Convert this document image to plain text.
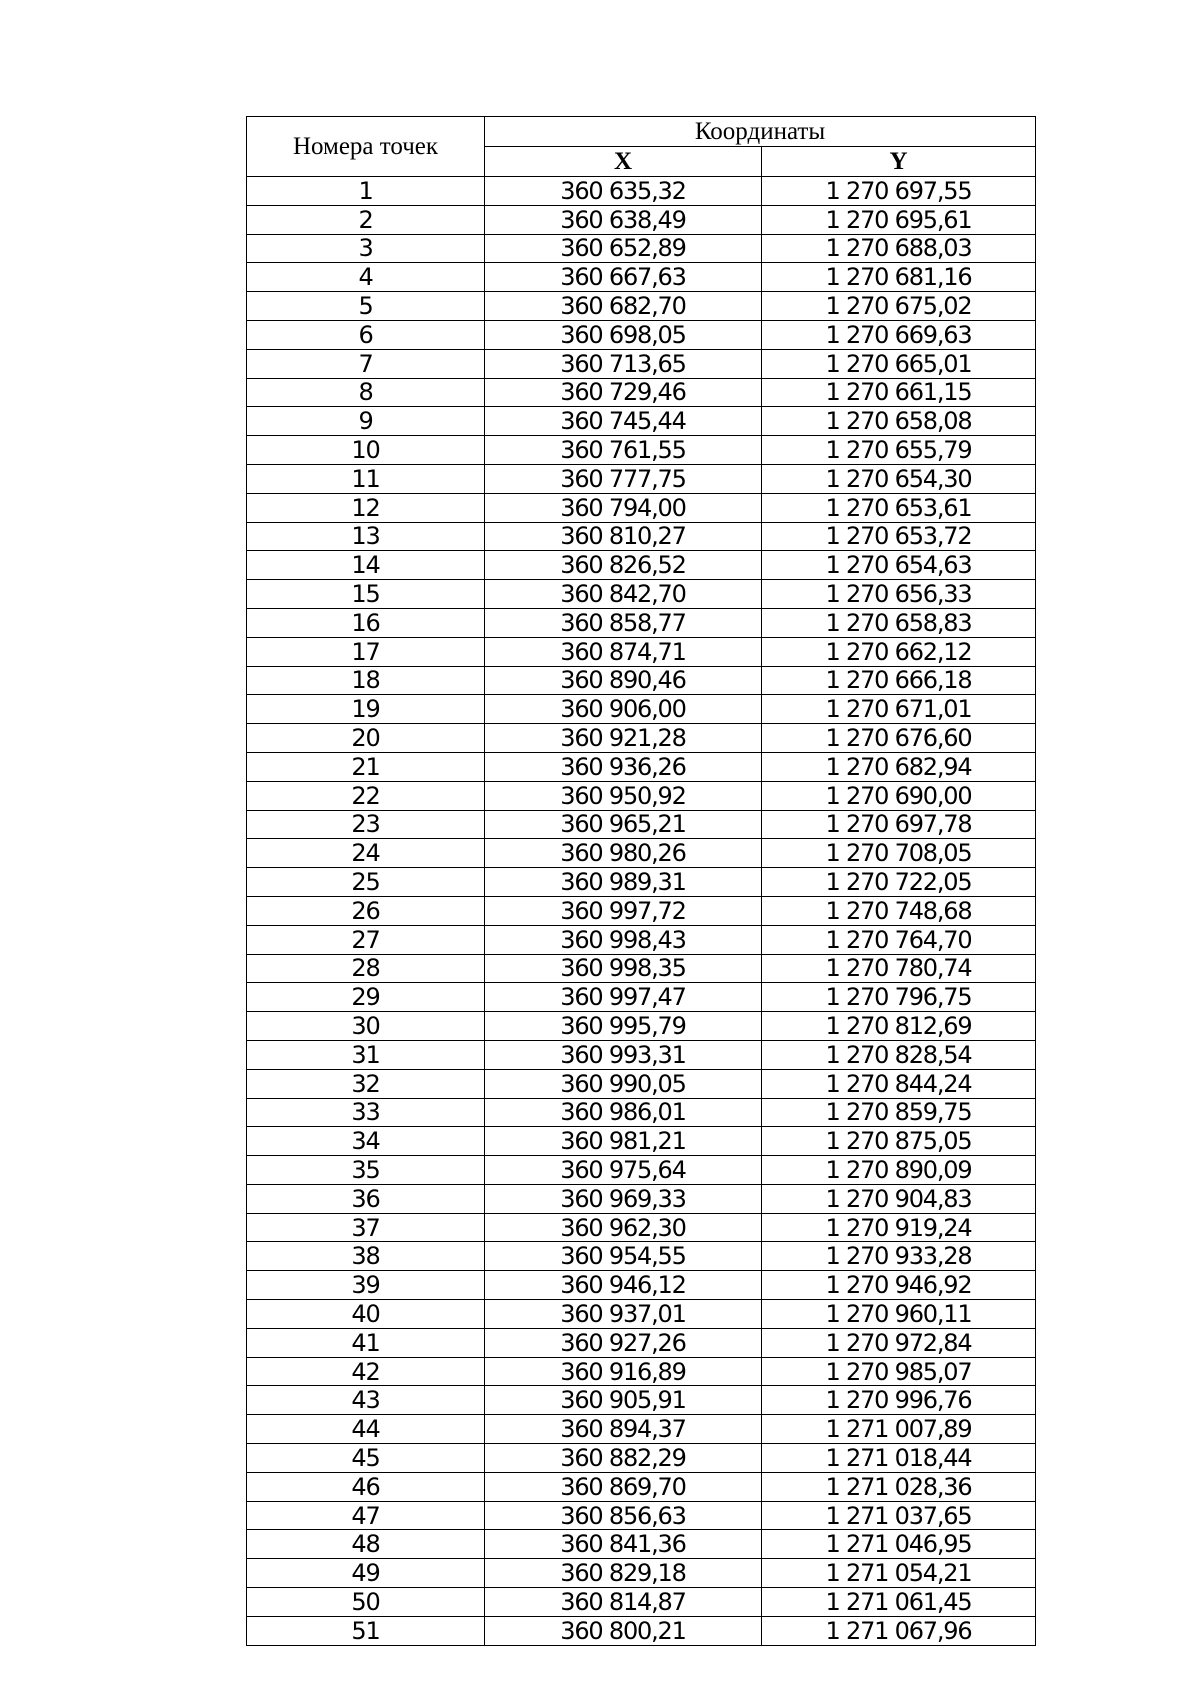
Номера точек	Координаты	
	X	Y
1	360 635,32	1 270 697,55
2	360 638,49	1 270 695,61
3	360 652,89	1 270 688,03
4	360 667,63	1 270 681,16
5	360 682,70	1 270 675,02
6	360 698,05	1 270 669,63
7	360 713,65	1 270 665,01
8	360 729,46	1 270 661,15
9	360 745,44	1 270 658,08
10	360 761,55	1 270 655,79
11	360 777,75	1 270 654,30
12	360 794,00	1 270 653,61
13	360 810,27	1 270 653,72
14	360 826,52	1 270 654,63
15	360 842,70	1 270 656,33
16	360 858,77	1 270 658,83
17	360 874,71	1 270 662,12
18	360 890,46	1 270 666,18
19	360 906,00	1 270 671,01
20	360 921,28	1 270 676,60
21	360 936,26	1 270 682,94
22	360 950,92	1 270 690,00
23	360 965,21	1 270 697,78
24	360 980,26	1 270 708,05
25	360 989,31	1 270 722,05
26	360 997,72	1 270 748,68
27	360 998,43	1 270 764,70
28	360 998,35	1 270 780,74
29	360 997,47	1 270 796,75
30	360 995,79	1 270 812,69
31	360 993,31	1 270 828,54
32	360 990,05	1 270 844,24
33	360 986,01	1 270 859,75
34	360 981,21	1 270 875,05
35	360 975,64	1 270 890,09
36	360 969,33	1 270 904,83
37	360 962,30	1 270 919,24
38	360 954,55	1 270 933,28
39	360 946,12	1 270 946,92
40	360 937,01	1 270 960,11
41	360 927,26	1 270 972,84
42	360 916,89	1 270 985,07
43	360 905,91	1 270 996,76
44	360 894,37	1 271 007,89
45	360 882,29	1 271 018,44
46	360 869,70	1 271 028,36
47	360 856,63	1 271 037,65
48	360 841,36	1 271 046,95
49	360 829,18	1 271 054,21
50	360 814,87	1 271 061,45
51	360 800,21	1 271 067,96
